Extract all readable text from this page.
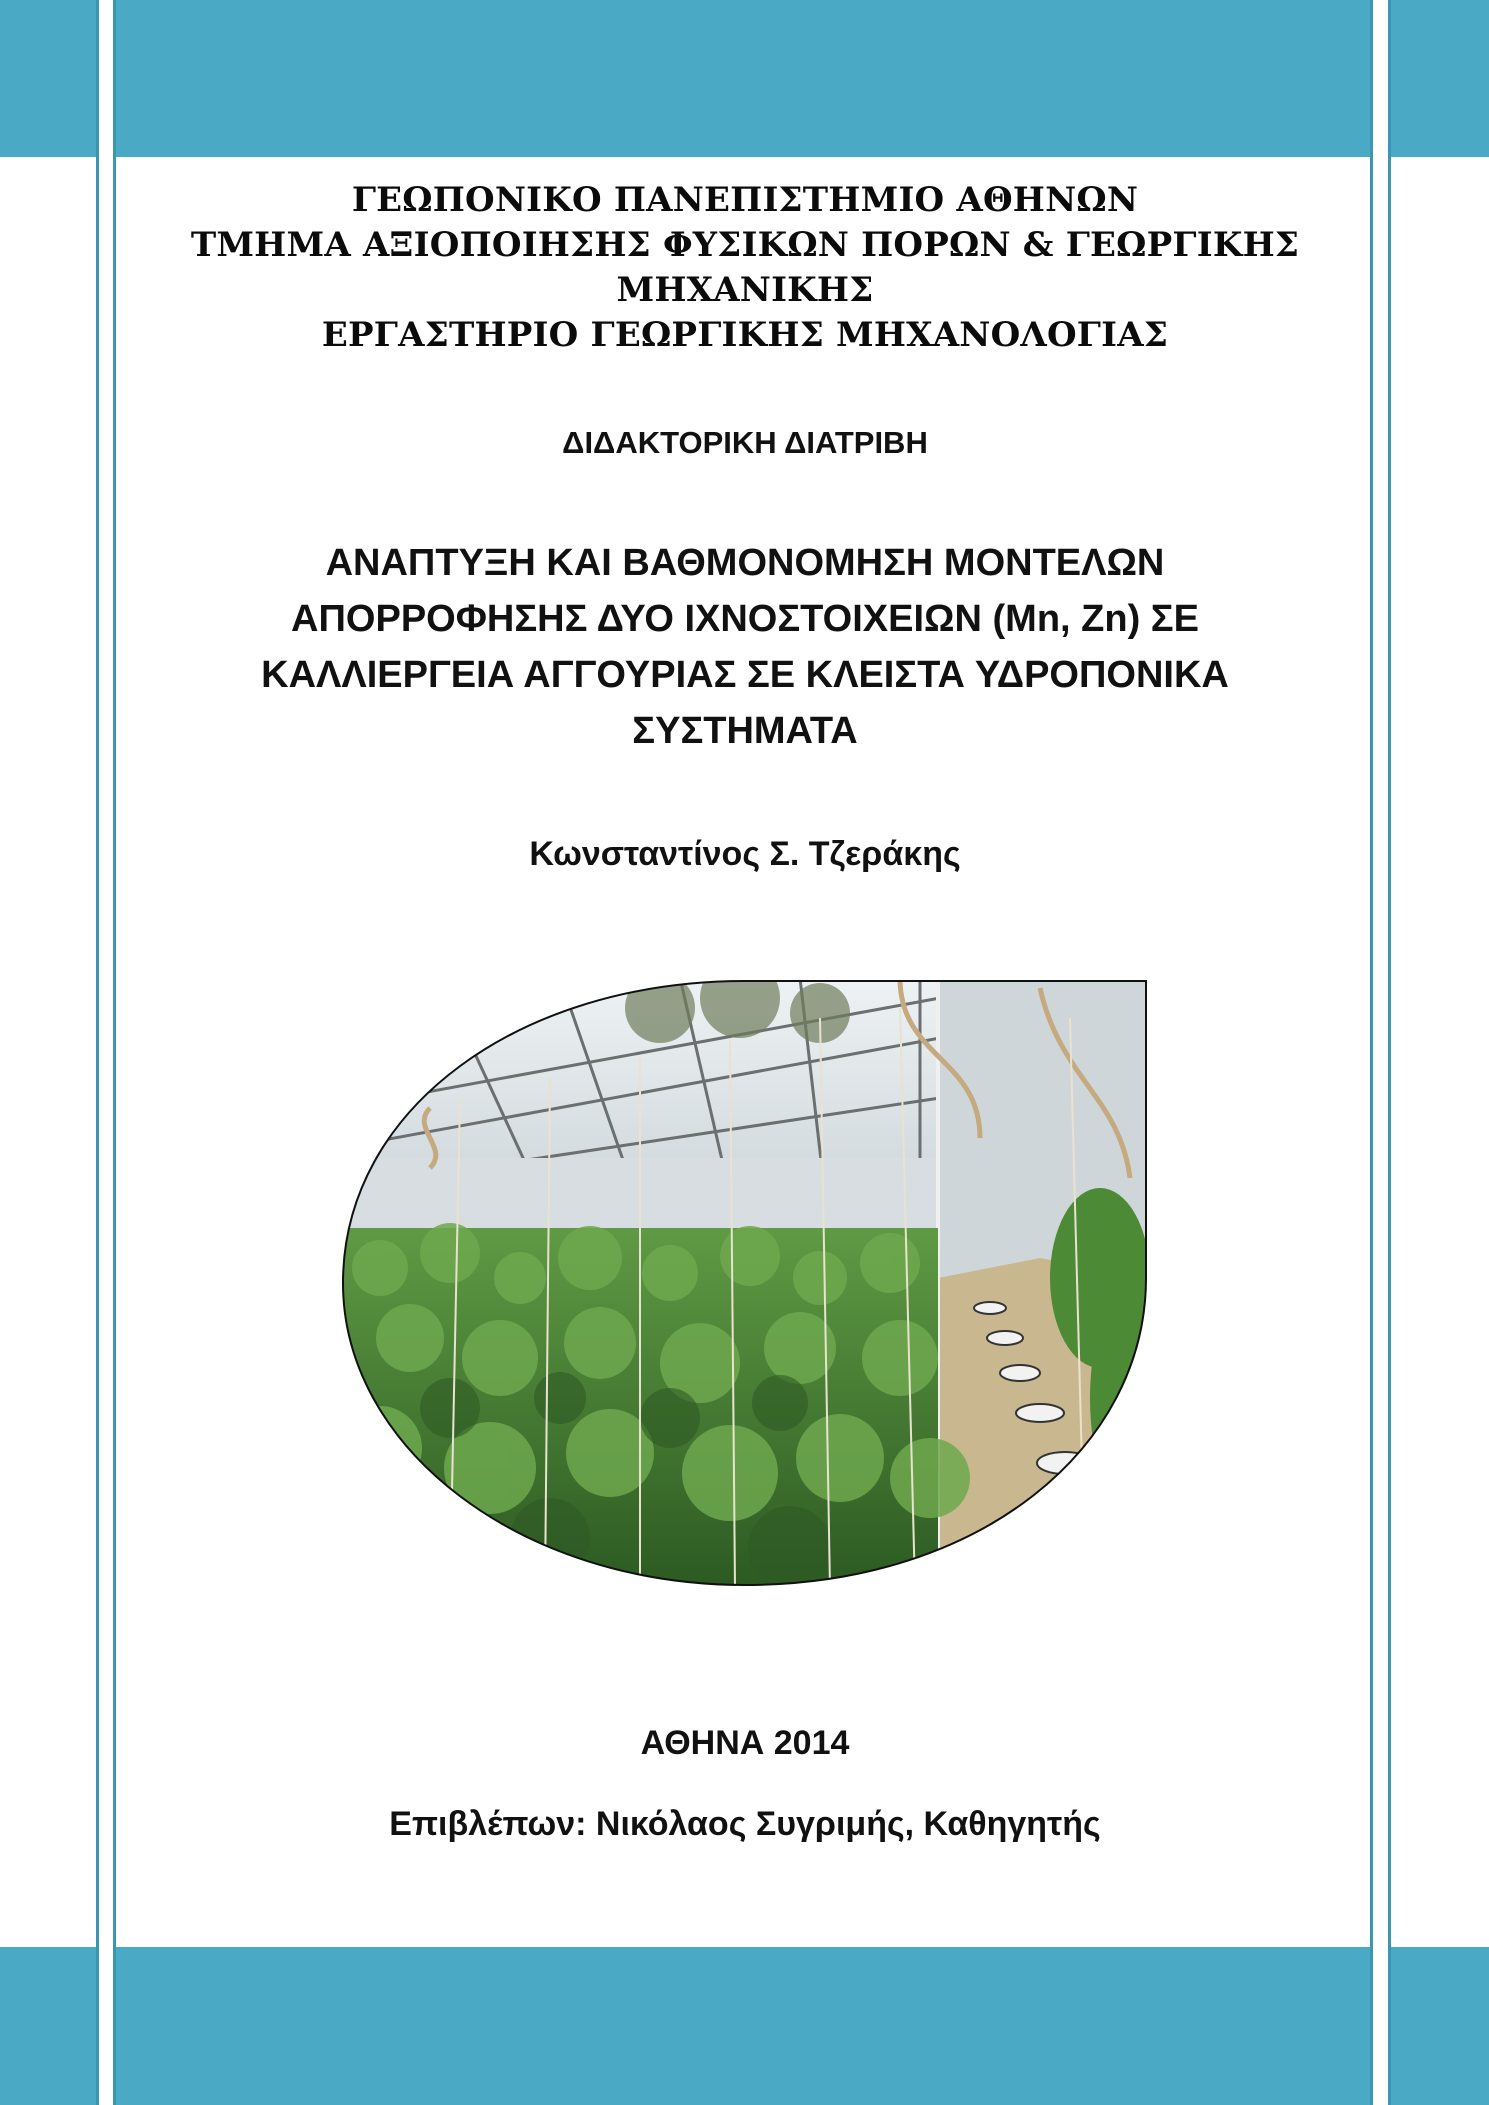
ΓΕΩΠΟΝΙΚΟ ΠΑΝΕΠΙΣΤΗΜΙΟ ΑΘΗΝΩΝ
ΤΜΗΜΑ ΑΞΙΟΠΟΙΗΣΗΣ ΦΥΣΙΚΩΝ ΠΟΡΩΝ & ΓΕΩΡΓΙΚΗΣ
ΜΗΧΑΝΙΚΗΣ
ΕΡΓΑΣΤΗΡΙΟ ΓΕΩΡΓΙΚΗΣ ΜΗΧΑΝΟΛΟΓΙΑΣ
ΔΙΔΑΚΤΟΡΙΚΗ ΔΙΑΤΡΙΒΗ
ΑΝΑΠΤΥΞΗ ΚΑΙ ΒΑΘΜΟΝΟΜΗΣΗ ΜΟΝΤΕΛΩΝ
ΑΠΟΡΡΟΦΗΣΗΣ ΔΥΟ ΙΧΝΟΣΤΟΙΧΕΙΩΝ (Mn, Zn) ΣΕ
ΚΑΛΛΙΕΡΓΕΙΑ ΑΓΓΟΥΡΙΑΣ ΣΕ ΚΛΕΙΣΤΑ ΥΔΡΟΠΟΝΙΚΑ
ΣΥΣΤΗΜΑΤΑ
Κωνσταντίνος Σ. Τζεράκης
ΑΘΗΝΑ 2014
Επιβλέπων: Νικόλαος Συγριμής, Καθηγητής
